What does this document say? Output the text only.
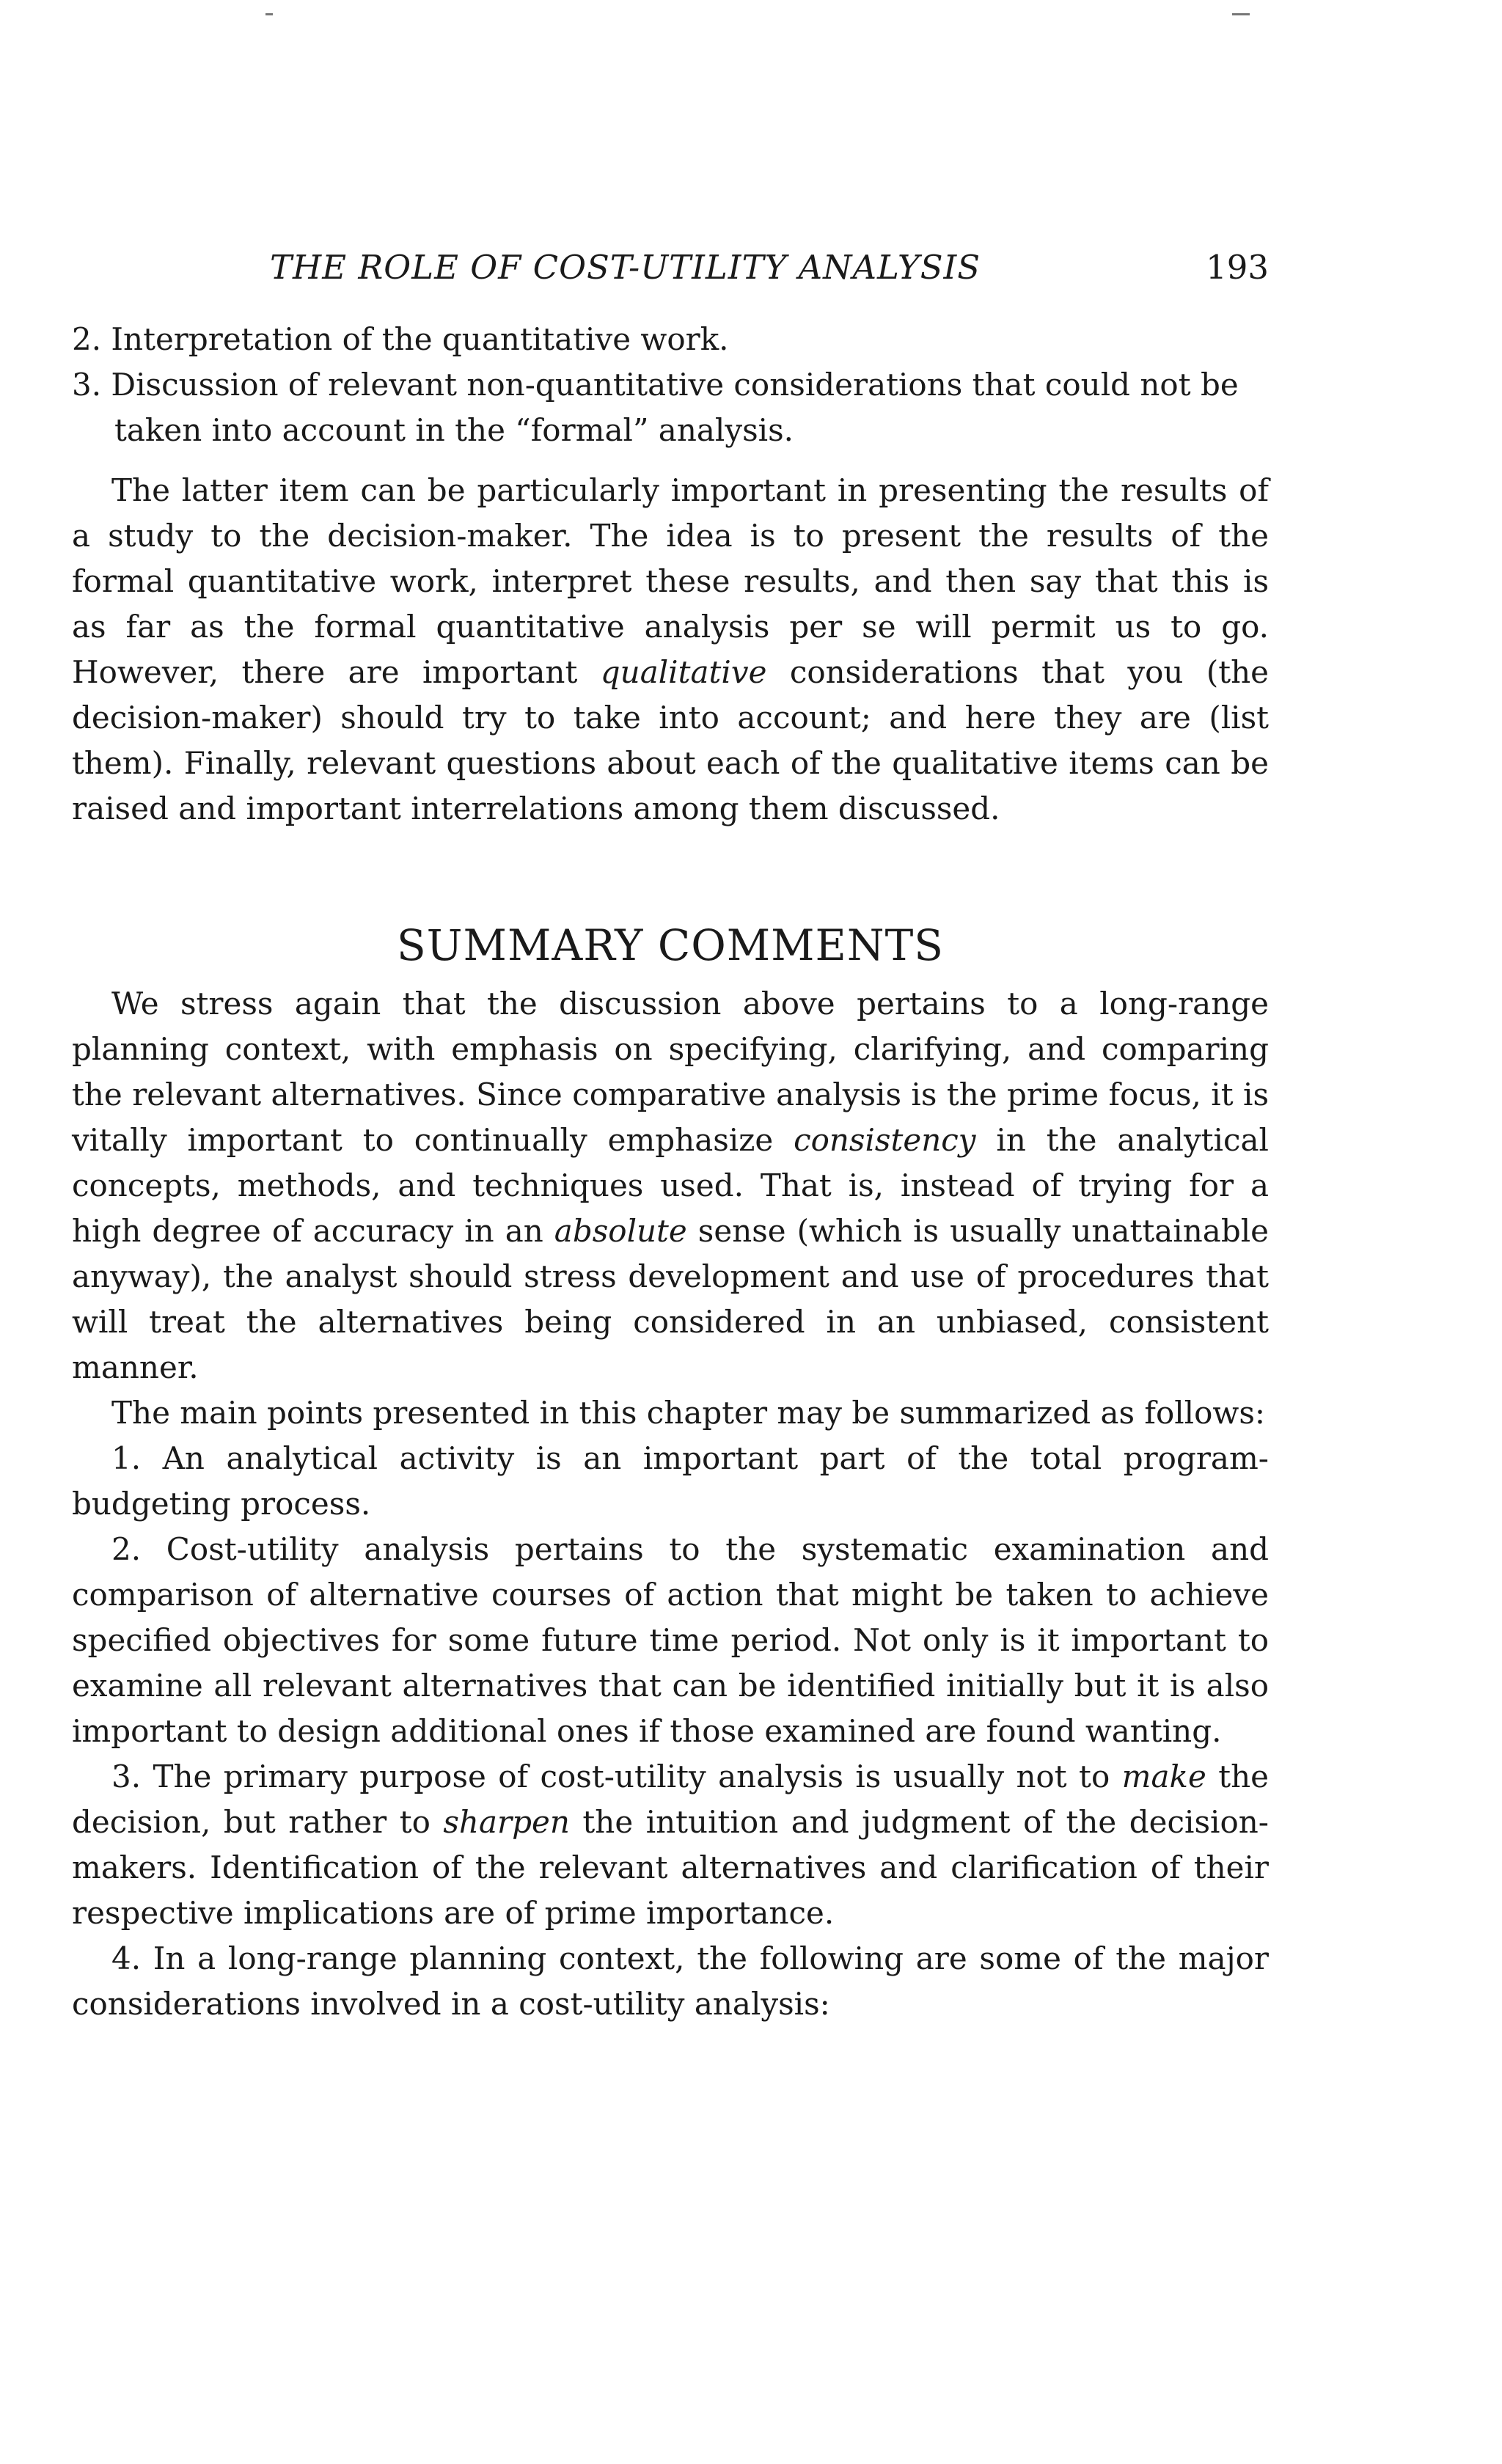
THE ROLE OF COST-UTILITY ANALYSIS	193

2. Interpretation of the quantitative work.

3. Discussion of relevant non-quantitative considerations that could not be taken into account in the “formal” analysis.

The latter item can be particularly important in presenting the results of a study to the decision-maker. The idea is to present the results of the formal quantitative work, interpret these results, and then say that this is as far as the formal quantitative analysis per se will permit us to go. However, there are important qualitative considerations that you (the decision-maker) should try to take into account; and here they are (list them). Finally, relevant questions about each of the qualitative items can be raised and important interrelations among them discussed.

SUMMARY COMMENTS

We stress again that the discussion above pertains to a long-range planning context, with emphasis on specifying, clarifying, and comparing the relevant alternatives. Since comparative analysis is the prime focus, it is vitally important to continually emphasize consistency in the analytical concepts, methods, and techniques used. That is, instead of trying for a high degree of accuracy in an absolute sense (which is usually unattainable anyway), the analyst should stress development and use of procedures that will treat the alternatives being considered in an unbiased, consistent manner.

The main points presented in this chapter may be summarized as follows:

1. An analytical activity is an important part of the total program-budgeting process.

2. Cost-utility analysis pertains to the systematic examination and comparison of alternative courses of action that might be taken to achieve specified objectives for some future time period. Not only is it important to examine all relevant alternatives that can be identified initially but it is also important to design additional ones if those examined are found wanting.

3. The primary purpose of cost-utility analysis is usually not to make the decision, but rather to sharpen the intuition and judgment of the decision-makers. Identification of the relevant alternatives and clarification of their respective implications are of prime importance.

4. In a long-range planning context, the following are some of the major considerations involved in a cost-utility analysis:
